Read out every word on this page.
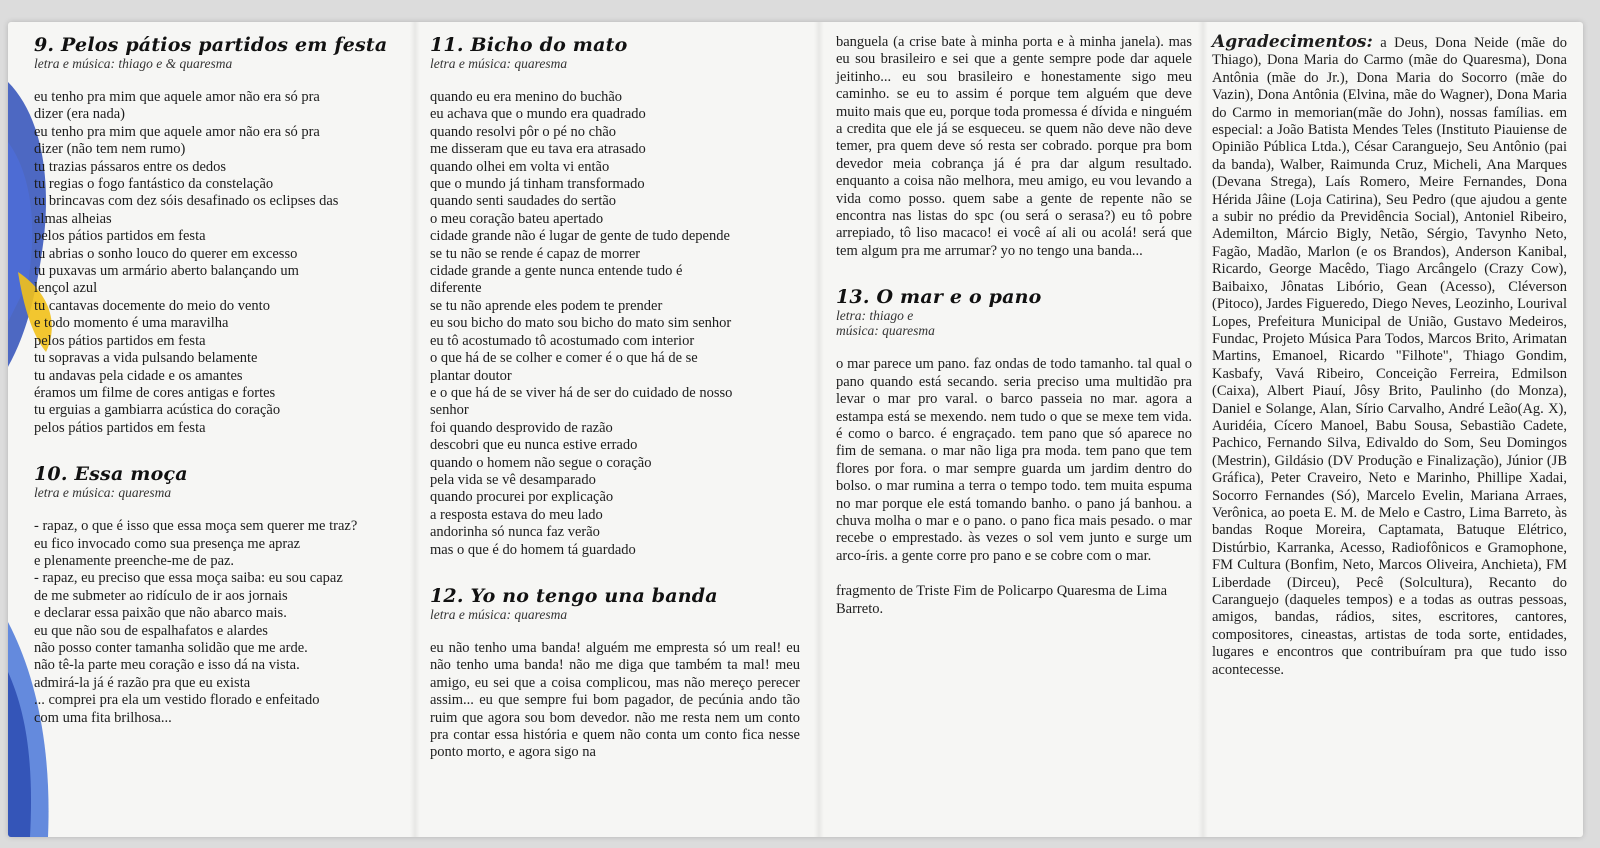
9. Pelos pátios partidos em festa
letra e música: thiago e & quaresma
eu tenho pra mim que aquele amor não era só pra
dizer (era nada)
eu tenho pra mim que aquele amor não era só pra
dizer (não tem nem rumo)
tu trazias pássaros entre os dedos
tu regias o fogo fantástico da constelação
tu brincavas com dez sóis desafinado os eclipses das
almas alheias
pelos pátios partidos em festa
tu abrias o sonho louco do querer em excesso
tu puxavas um armário aberto balançando um
lençol azul
tu cantavas docemente do meio do vento
e todo momento é uma maravilha
pelos pátios partidos em festa
tu sopravas a vida pulsando belamente
tu andavas pela cidade e os amantes
éramos um filme de cores antigas e fortes
tu erguias a gambiarra acústica do coração
pelos pátios partidos em festa
10. Essa moça
letra e música: quaresma
- rapaz, o que é isso que essa moça sem querer me traz?
eu fico invocado como sua presença me apraz
e plenamente preenche-me de paz.
- rapaz, eu preciso que essa moça saiba: eu sou capaz
de me submeter ao ridículo de ir aos jornais
e declarar essa paixão que não abarco mais.
eu que não sou de espalhafatos e alardes
não posso conter tamanha solidão que me arde.
não tê-la parte meu coração e isso dá na vista.
admirá-la já é razão pra que eu exista
... comprei pra ela um vestido florado e enfeitado
com uma fita brilhosa...
11. Bicho do mato
letra e música: quaresma
quando eu era menino do buchão
eu achava que o mundo era quadrado
quando resolvi pôr o pé no chão
me disseram que eu tava era atrasado
quando olhei em volta vi então
que o mundo já tinham transformado
quando senti saudades do sertão
o meu coração bateu apertado
cidade grande não é lugar de gente de tudo depende
se tu não se rende é capaz de morrer
cidade grande a gente nunca entende tudo é
diferente
se tu não aprende eles podem te prender
eu sou bicho do mato sou bicho do mato sim senhor
eu tô acostumado tô acostumado com interior
o que há de se colher e comer é o que há de se
plantar doutor
e o que há de se viver há de ser do cuidado de nosso
senhor
foi quando desprovido de razão
descobri que eu nunca estive errado
quando o homem não segue o coração
pela vida se vê desamparado
quando procurei por explicação
a resposta estava do meu lado
andorinha só nunca faz verão
mas o que é do homem tá guardado
12. Yo no tengo una banda
letra e música: quaresma
eu não tenho uma banda! alguém me empresta só um real! eu não tenho uma banda! não me diga que também ta mal! meu amigo, eu sei que a coisa complicou, mas não mereço perecer assim... eu que sempre fui bom pagador, de pecúnia ando tão ruim que agora sou bom devedor. não me resta nem um conto pra contar essa história e quem não conta um conto fica nesse ponto morto, e agora sigo na
banguela (a crise bate à minha porta e à minha janela). mas eu sou brasileiro e sei que a gente sempre pode dar aquele jeitinho... eu sou brasileiro e honestamente sigo meu caminho. se eu to assim é porque tem alguém que deve muito mais que eu, porque toda promessa é dívida e ninguém a credita que ele já se esqueceu. se quem não deve não deve temer, pra quem deve só resta ser cobrado. porque pra bom devedor meia cobrança já é pra dar algum resultado. enquanto a coisa não melhora, meu amigo, eu vou levando a vida como posso. quem sabe a gente de repente não se encontra nas listas do spc (ou será o serasa?) eu tô pobre arrepiado, tô liso macaco! ei você aí ali ou acolá! será que tem algum pra me arrumar? yo no tengo una banda...
13. O mar e o pano
letra: thiago e
música: quaresma
o mar parece um pano. faz ondas de todo tamanho. tal qual o pano quando está secando. seria preciso uma multidão pra levar o mar pro varal. o barco passeia no mar. agora a estampa está se mexendo. nem tudo o que se mexe tem vida. é como o barco. é engraçado. tem pano que só aparece no fim de semana. o mar não liga pra moda. tem pano que tem flores por fora. o mar sempre guarda um jardim dentro do bolso. o mar rumina a terra o tempo todo. tem muita espuma no mar porque ele está tomando banho. o pano já banhou. a chuva molha o mar e o pano. o pano fica mais pesado. o mar recebe o emprestado. às vezes o sol vem junto e surge um arco-íris. a gente corre pro pano e se cobre com o mar.
fragmento de Triste Fim de Policarpo Quaresma de Lima Barreto.
Agradecimentos: a Deus, Dona Neide (mãe do Thiago), Dona Maria do Carmo (mãe do Quaresma), Dona Antônia (mãe do Jr.), Dona Maria do Socorro (mãe do Vazin), Dona Antônia (Elvina, mãe do Wagner), Dona Maria do Carmo in memorian(mãe do John), nossas famílias. em especial: a João Batista Mendes Teles (Instituto Piauiense de Opinião Pública Ltda.), César Caranguejo, Seu Antônio (pai da banda), Walber, Raimunda Cruz, Micheli, Ana Marques (Devana Strega), Laís Romero, Meire Fernandes, Dona Hérida Jâine (Loja Catirina), Seu Pedro (que ajudou a gente a subir no prédio da Previdência Social), Antoniel Ribeiro, Ademilton, Márcio Bigly, Netão, Sérgio, Tavynho Neto, Fagão, Madão, Marlon (e os Brandos), Anderson Kanibal, Ricardo, George Macêdo, Tiago Arcângelo (Crazy Cow), Baibaixo, Jônatas Libório, Gean (Acesso), Cléverson (Pitoco), Jardes Figueredo, Diego Neves, Leozinho, Lourival Lopes, Prefeitura Municipal de União, Gustavo Medeiros, Fundac, Projeto Música Para Todos, Marcos Brito, Arimatan Martins, Emanoel, Ricardo "Filhote", Thiago Gondim, Kasbafy, Vavá Ribeiro, Conceição Ferreira, Edmilson (Caixa), Albert Piauí, Jôsy Brito, Paulinho (do Monza), Daniel e Solange, Alan, Sírio Carvalho, André Leão(Ag. X), Auridéia, Cícero Manoel, Babu Sousa, Sebastião Cadete, Pachico, Fernando Silva, Edivaldo do Som, Seu Domingos (Mestrin), Gildásio (DV Produção e Finalização), Júnior (JB Gráfica), Peter Craveiro, Neto e Marinho, Phillipe Xadai, Socorro Fernandes (Só), Marcelo Evelin, Mariana Arraes, Verônica, ao poeta E. M. de Melo e Castro, Lima Barreto, às bandas Roque Moreira, Captamata, Batuque Elétrico, Distúrbio, Karranka, Acesso, Radiofônicos e Gramophone, FM Cultura (Bonfim, Neto, Marcos Oliveira, Anchieta), FM Liberdade (Dirceu), Pecê (Solcultura), Recanto do Caranguejo (daqueles tempos) e a todas as outras pessoas, amigos, bandas, rádios, sites, escritores, cantores, compositores, cineastas, artistas de toda sorte, entidades, lugares e encontros que contribuíram pra que tudo isso acontecesse.
